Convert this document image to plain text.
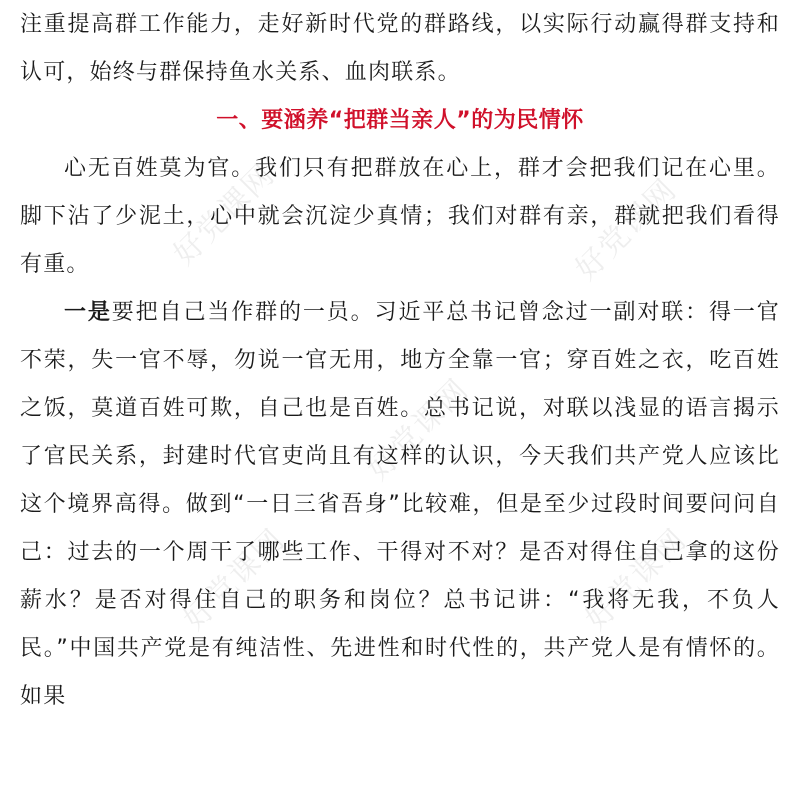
好党课网	好党课网
好党课网
好党课网	好党课网

注重提高群工作能力，走好新时代党的群路线，以实际行动赢得群支持和认可，始终与群保持鱼水关系、血肉联系。

一、要涵养“把群当亲人”的为民情怀

心无百姓莫为官。我们只有把群放在心上，群才会把我们记在心里。脚下沾了少泥土，心中就会沉淀少真情；我们对群有亲，群就把我们看得有重。

一是要把自己当作群的一员。习近平总书记曾念过一副对联：得一官不荣，失一官不辱，勿说一官无用，地方全靠一官；穿百姓之衣，吃百姓之饭，莫道百姓可欺，自己也是百姓。总书记说，对联以浅显的语言揭示了官民关系，封建时代官吏尚且有这样的认识，今天我们共产党人应该比这个境界高得。做到“一日三省吾身”比较难，但是至少过段时间要问问自己：过去的一个周干了哪些工作、干得对不对？是否对得住自己拿的这份薪水？是否对得住自己的职务和岗位？总书记讲：“我将无我，不负人民。”中国共产党是有纯洁性、先进性和时代性的，共产党人是有情怀的。如果
